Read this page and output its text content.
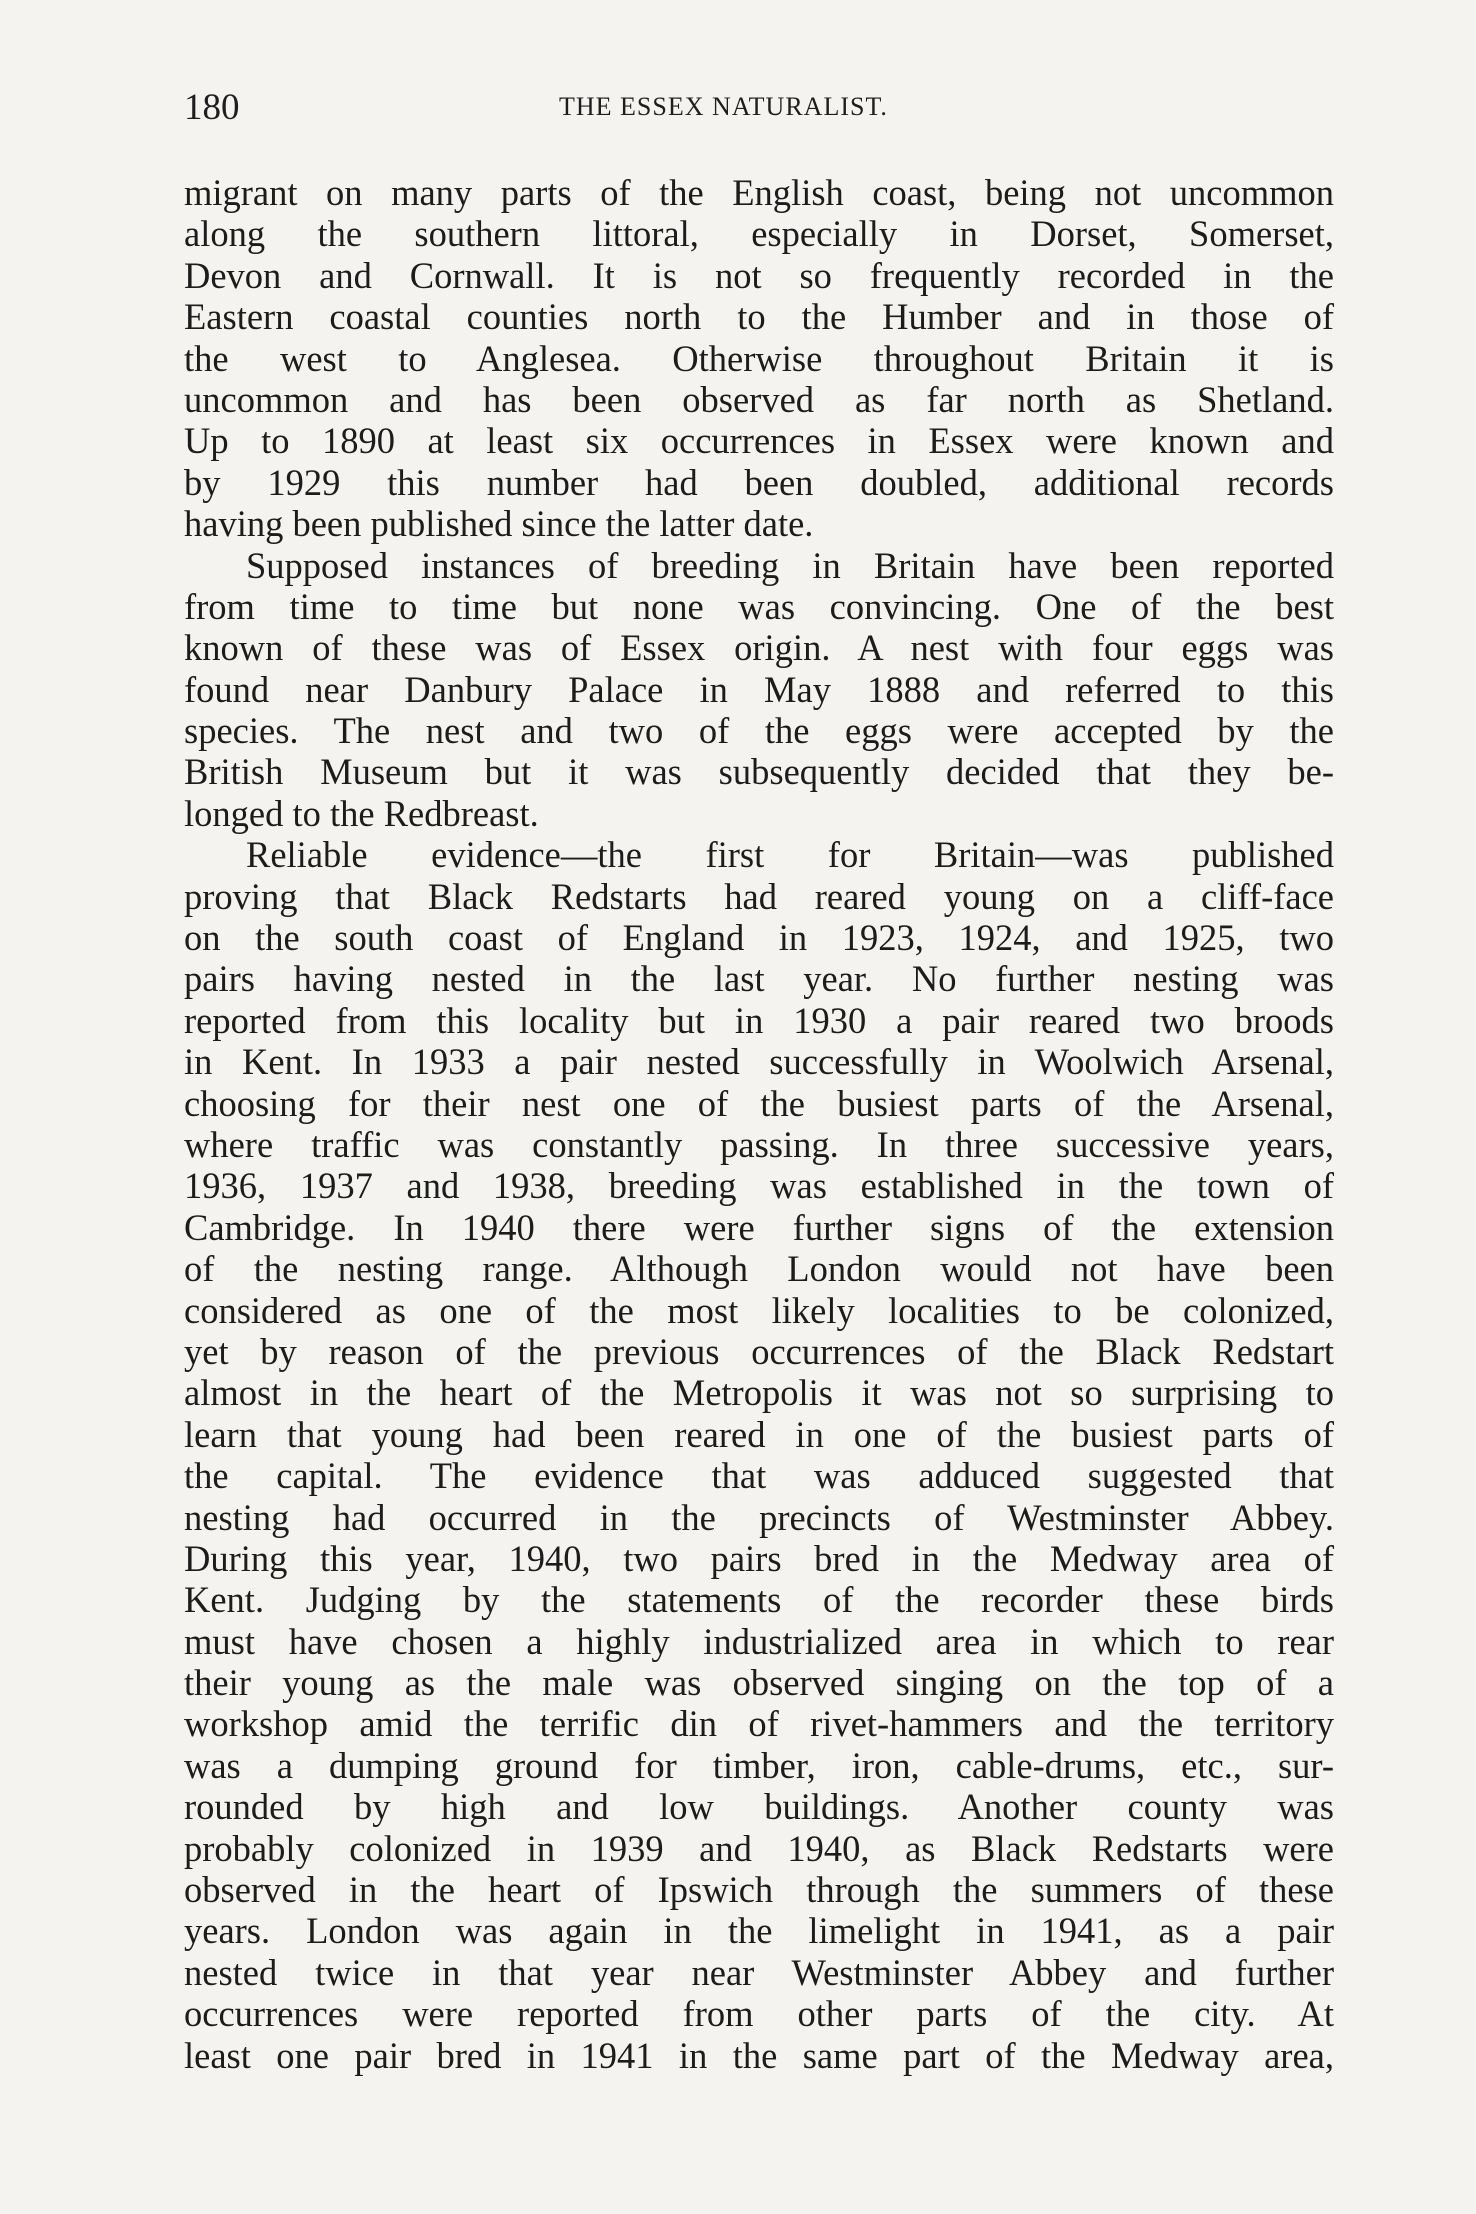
180	THE ESSEX NATURALIST.
migrant on many parts of the English coast, being not uncommon
along the southern littoral, especially in Dorset, Somerset,
Devon and Cornwall. It is not so frequently recorded in the
Eastern coastal counties north to the Humber and in those of
the west to Anglesea. Otherwise throughout Britain it is
uncommon and has been observed as far north as Shetland.
Up to 1890 at least six occurrences in Essex were known and
by 1929 this number had been doubled, additional records
having been published since the latter date.
Supposed instances of breeding in Britain have been reported
from time to time but none was convincing. One of the best
known of these was of Essex origin. A nest with four eggs was
found near Danbury Palace in May 1888 and referred to this
species. The nest and two of the eggs were accepted by the
British Museum but it was subsequently decided that they be-
longed to the Redbreast.
Reliable evidence—the first for Britain—was published
proving that Black Redstarts had reared young on a cliff-face
on the south coast of England in 1923, 1924, and 1925, two
pairs having nested in the last year. No further nesting was
reported from this locality but in 1930 a pair reared two broods
in Kent. In 1933 a pair nested successfully in Woolwich Arsenal,
choosing for their nest one of the busiest parts of the Arsenal,
where traffic was constantly passing. In three successive years,
1936, 1937 and 1938, breeding was established in the town of
Cambridge. In 1940 there were further signs of the extension
of the nesting range. Although London would not have been
considered as one of the most likely localities to be colonized,
yet by reason of the previous occurrences of the Black Redstart
almost in the heart of the Metropolis it was not so surprising to
learn that young had been reared in one of the busiest parts of
the capital. The evidence that was adduced suggested that
nesting had occurred in the precincts of Westminster Abbey.
During this year, 1940, two pairs bred in the Medway area of
Kent. Judging by the statements of the recorder these birds
must have chosen a highly industrialized area in which to rear
their young as the male was observed singing on the top of a
workshop amid the terrific din of rivet-hammers and the territory
was a dumping ground for timber, iron, cable-drums, etc., sur-
rounded by high and low buildings. Another county was
probably colonized in 1939 and 1940, as Black Redstarts were
observed in the heart of Ipswich through the summers of these
years. London was again in the limelight in 1941, as a pair
nested twice in that year near Westminster Abbey and further
occurrences were reported from other parts of the city. At
least one pair bred in 1941 in the same part of the Medway area,
